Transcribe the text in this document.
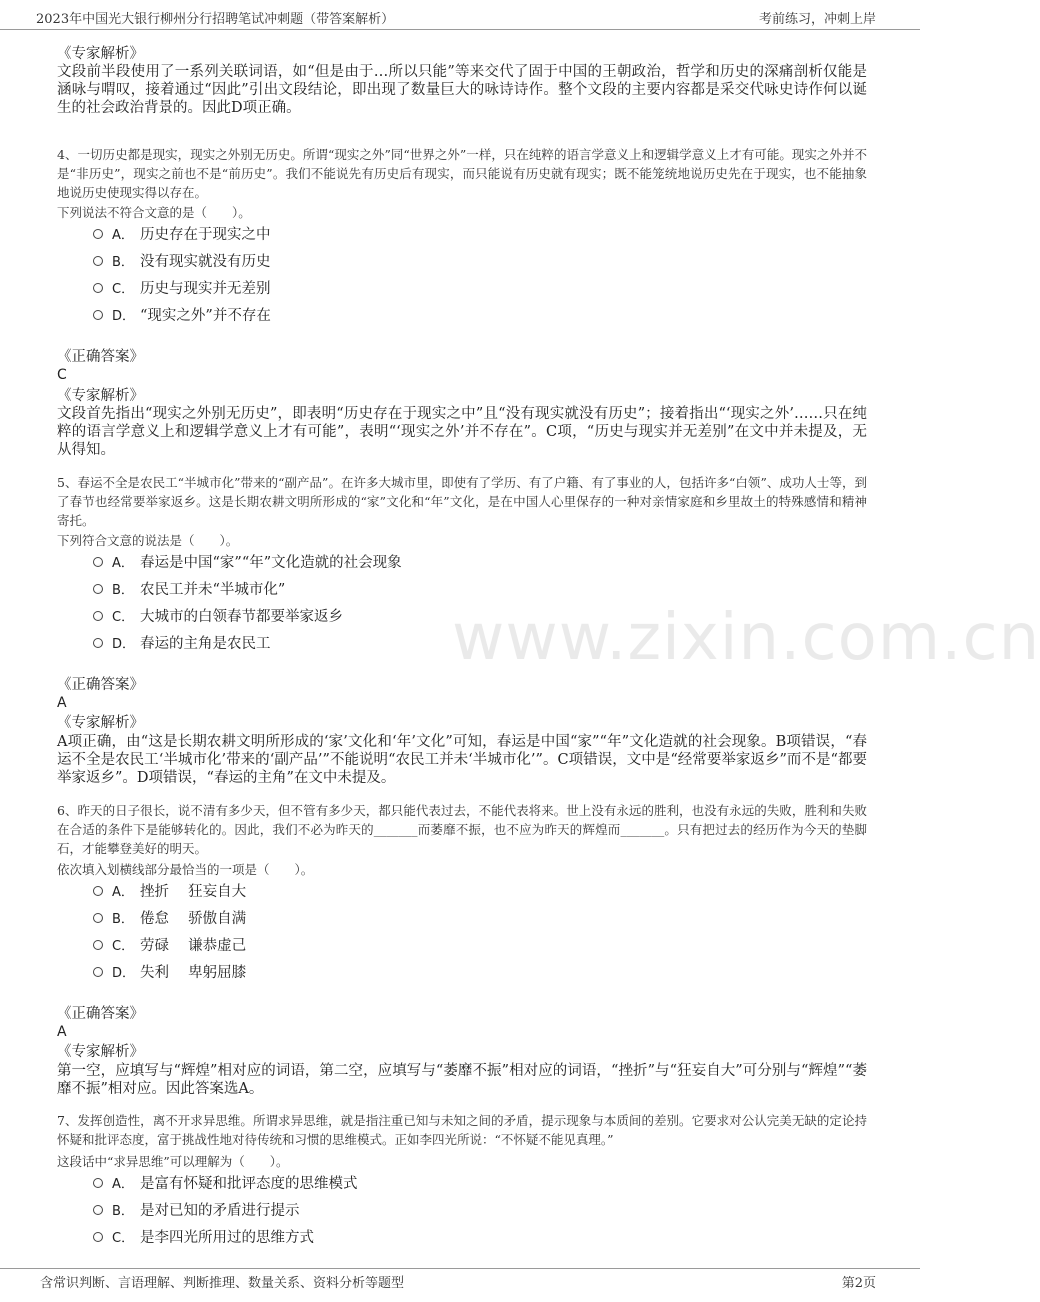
2023年中国光大银行柳州分行招聘笔试冲刺题（带答案解析）	考前练习，冲刺上岸
《专家解析》
文段前半段使用了一系列关联词语，如“但是由于…所以只能”等来交代了固于中国的王朝政治，哲学和历史的深痛剖析仅能是涵咏与喟叹，接着通过“因此”引出文段结论，即出现了数量巨大的咏诗诗作。整个文段的主要内容都是采交代咏史诗作何以诞生的社会政治背景的。因此D项正确。
4、一切历史都是现实，现实之外别无历史。所谓“现实之外”同“世界之外”一样，只在纯粹的语言学意义上和逻辑学意义上才有可能。现实之外并不是“非历史”，现实之前也不是“前历史”。我们不能说先有历史后有现实，而只能说有历史就有现实；既不能笼统地说历史先在于现实，也不能抽象地说历史使现实得以存在。
下列说法不符合文意的是（　　）。
A． 历史存在于现实之中
B． 没有现实就没有历史
C． 历史与现实并无差别
D． “现实之外”并不存在
《正确答案》
C
《专家解析》
文段首先指出“现实之外别无历史”，即表明“历史存在于现实之中”且“没有现实就没有历史”；接着指出“‘现实之外’……只在纯粹的语言学意义上和逻辑学意义上才有可能”，表明“‘现实之外’并不存在”。C项，“历史与现实并无差别”在文中并未提及，无从得知。
5、春运不全是农民工“半城市化”带来的“副产品”。在许多大城市里，即使有了学历、有了户籍、有了事业的人，包括许多“白领”、成功人士等，到了春节也经常要举家返乡。这是长期农耕文明所形成的“家”文化和“年”文化，是在中国人心里保存的一种对亲情家庭和乡里故土的特殊感情和精神寄托。
下列符合文意的说法是（　　）。
A． 春运是中国“家”“年”文化造就的社会现象
B． 农民工并未“半城市化”
C． 大城市的白领春节都要举家返乡
D． 春运的主角是农民工
《正确答案》
A
《专家解析》
A项正确，由“这是长期农耕文明所形成的‘家’文化和‘年’文化”可知，春运是中国“家”“年”文化造就的社会现象。B项错误，“春运不全是农民工‘半城市化’带来的‘副产品’”不能说明“农民工并未‘半城市化’”。C项错误，文中是“经常要举家返乡”而不是“都要举家返乡”。D项错误，“春运的主角”在文中未提及。
6、昨天的日子很长，说不清有多少天，但不管有多少天，都只能代表过去，不能代表将来。世上没有永远的胜利，也没有永远的失败，胜利和失败在合适的条件下是能够转化的。因此，我们不必为昨天的_______而萎靡不振，也不应为昨天的辉煌而_______。只有把过去的经历作为今天的垫脚石，才能攀登美好的明天。
依次填入划横线部分最恰当的一项是（　　）。
A． 挫折　 狂妄自大
B． 倦怠　 骄傲自满
C． 劳碌　 谦恭虚己
D． 失利　 卑躬屈膝
《正确答案》
A
《专家解析》
第一空，应填写与“辉煌”相对应的词语，第二空，应填写与“萎靡不振”相对应的词语，“挫折”与“狂妄自大”可分别与“辉煌”“萎靡不振”相对应。因此答案选A。
7、发挥创造性，离不开求异思维。所谓求异思维，就是指注重已知与未知之间的矛盾，提示现象与本质间的差别。它要求对公认完美无缺的定论持怀疑和批评态度，富于挑战性地对待传统和习惯的思维模式。正如李四光所说：“不怀疑不能见真理。”
这段话中“求异思维”可以理解为（　　）。
A． 是富有怀疑和批评态度的思维模式
B． 是对已知的矛盾进行提示
C． 是李四光所用过的思维方式
www.zixin.com.cn
含常识判断、言语理解、判断推理、数量关系、资料分析等题型	第2页
